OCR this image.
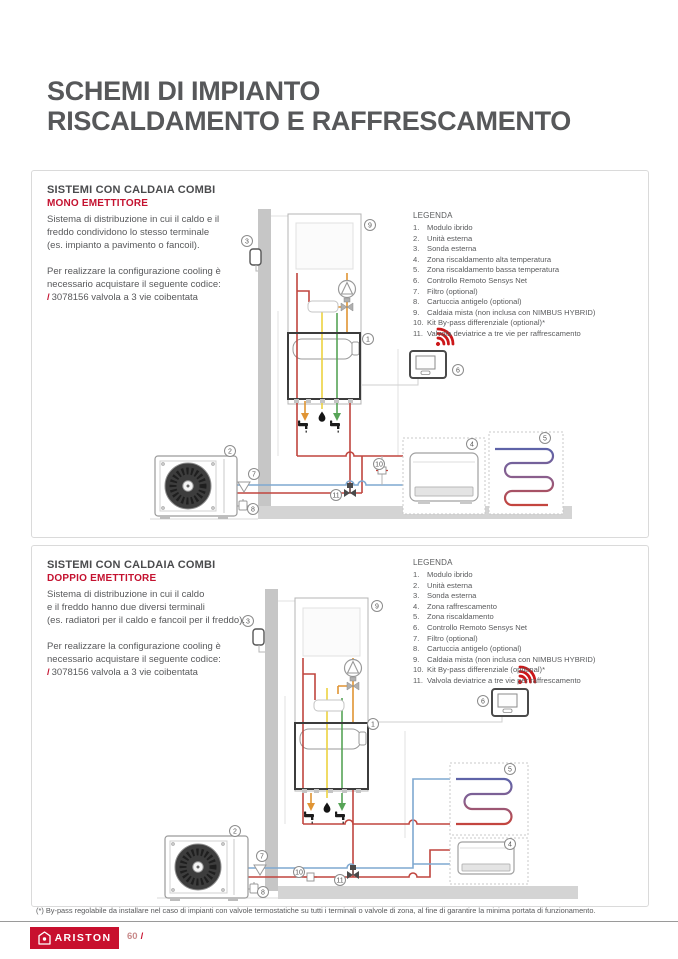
SCHEMI DI IMPIANTO
RISCALDAMENTO E RAFFRESCAMENTO
3
9
1
6
2
7
8
10
11
4
5
SISTEMI CON CALDAIA COMBI
MONO EMETTITORE
Sistema di distribuzione in cui il caldo e il
freddo condividono lo stesso terminale
(es. impianto a pavimento o fancoil).
Per realizzare la configurazione cooling è
necessario acquistare il seguente codice:
/ 3078156 valvola a 3 vie coibentata
LEGENDA
1.	Modulo ibrido
2.	Unità esterna
3.	Sonda esterna
4.	Zona riscaldamento alta temperatura
5.	Zona riscaldamento bassa temperatura
6.	Controllo Remoto Sensys Net
7.	Filtro (optional)
8.	Cartuccia antigelo (optional)
9.	Caldaia mista (non inclusa con NIMBUS HYBRID)
10. Kit By-pass differenziale (optional)*
11. Valvola deviatrice a tre vie per raffrescamento
3
9
1
6
2
7
8
10
11
4
5
SISTEMI CON CALDAIA COMBI
DOPPIO EMETTITORE
Sistema di distribuzione in cui il caldo
e il freddo hanno due diversi terminali
(es. radiatori per il caldo e fancoil per il freddo).
Per realizzare la configurazione cooling è
necessario acquistare il seguente codice:
/ 3078156 valvola a 3 vie coibentata
LEGENDA
1.	Modulo ibrido
2.	Unità esterna
3.	Sonda esterna
4.	Zona raffrescamento
5.	Zona riscaldamento
6.	Controllo Remoto Sensys Net
7.	Filtro (optional)
8.	Cartuccia antigelo (optional)
9.	Caldaia mista (non inclusa con NIMBUS HYBRID)
10. Kit By-pass differenziale (optional)*
11. Valvola deviatrice a tre vie per raffrescamento
(*) By-pass regolabile da installare nel caso di impianti con valvole termostatiche su tutti i terminali o valvole di zona, al fine di garantire la minima portata di funzionamento.
ARISTON 60 /
